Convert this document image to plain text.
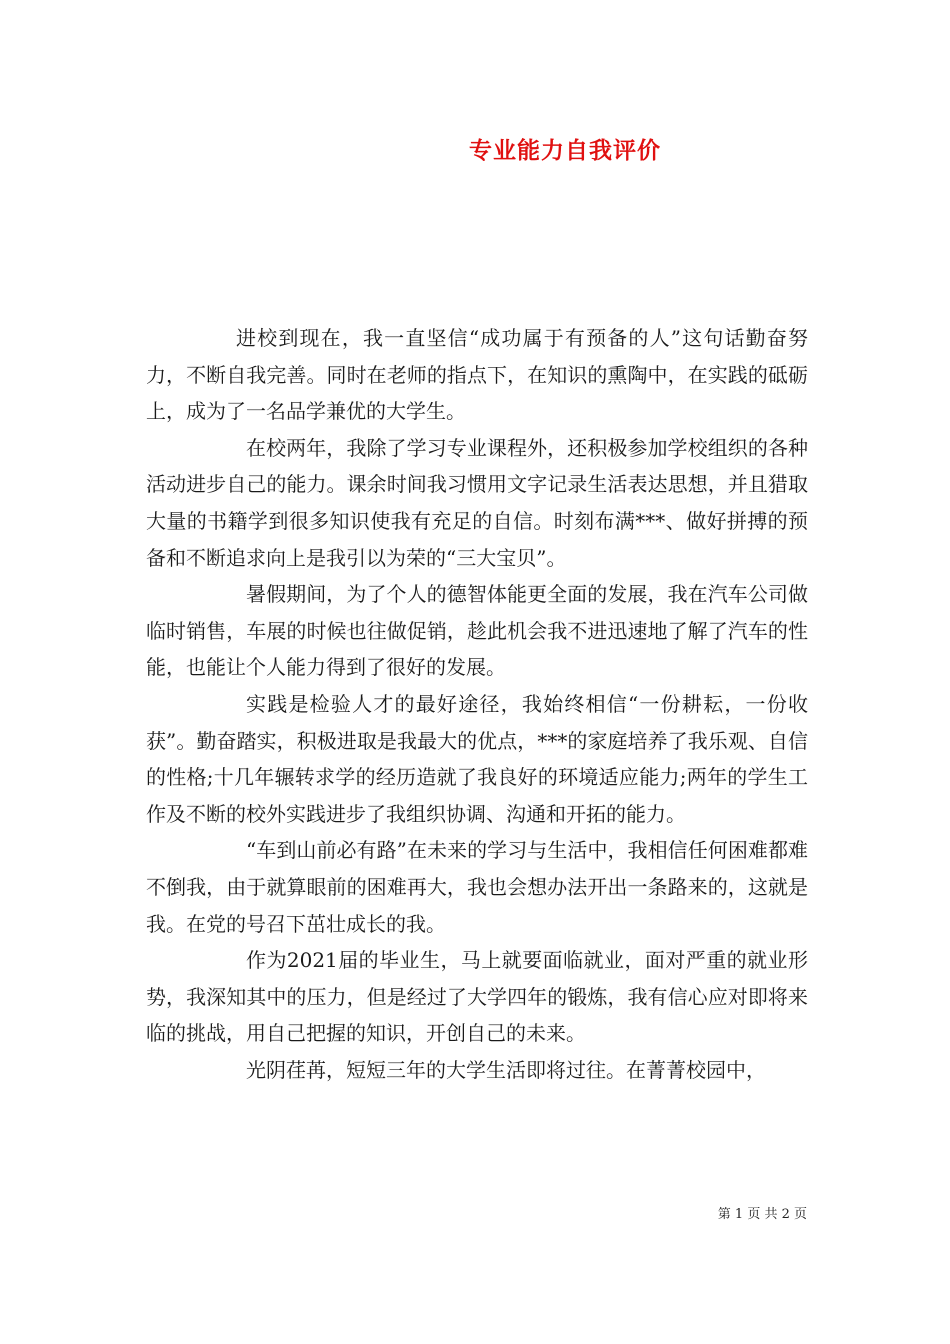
专业能力自我评价

进校到现在，我一直坚信“成功属于有预备的人”这句话勤奋努力，不断自我完善。同时在老师的指点下，在知识的熏陶中，在实践的砥砺上，成为了一名品学兼优的大学生。

在校两年，我除了学习专业课程外，还积极参加学校组织的各种活动进步自己的能力。课余时间我习惯用文字记录生活表达思想，并且猎取大量的书籍学到很多知识使我有充足的自信。时刻布满***、做好拼搏的预备和不断追求向上是我引以为荣的“三大宝贝”。

暑假期间，为了个人的德智体能更全面的发展，我在汽车公司做临时销售，车展的时候也往做促销，趁此机会我不进迅速地了解了汽车的性能，也能让个人能力得到了很好的发展。

实践是检验人才的最好途径，我始终相信“一份耕耘，一份收获”。勤奋踏实，积极进取是我最大的优点，***的家庭培养了我乐观、自信的性格;十几年辗转求学的经历造就了我良好的环境适应能力;两年的学生工作及不断的校外实践进步了我组织协调、沟通和开拓的能力。

“车到山前必有路”在未来的学习与生活中，我相信任何困难都难不倒我，由于就算眼前的困难再大，我也会想办法开出一条路来的，这就是我。在党的号召下茁壮成长的我。

作为2021届的毕业生，马上就要面临就业，面对严重的就业形势，我深知其中的压力，但是经过了大学四年的锻炼，我有信心应对即将来临的挑战，用自己把握的知识，开创自己的未来。

光阴荏苒，短短三年的大学生活即将过往。在菁菁校园中，

第 1 页 共 2 页
